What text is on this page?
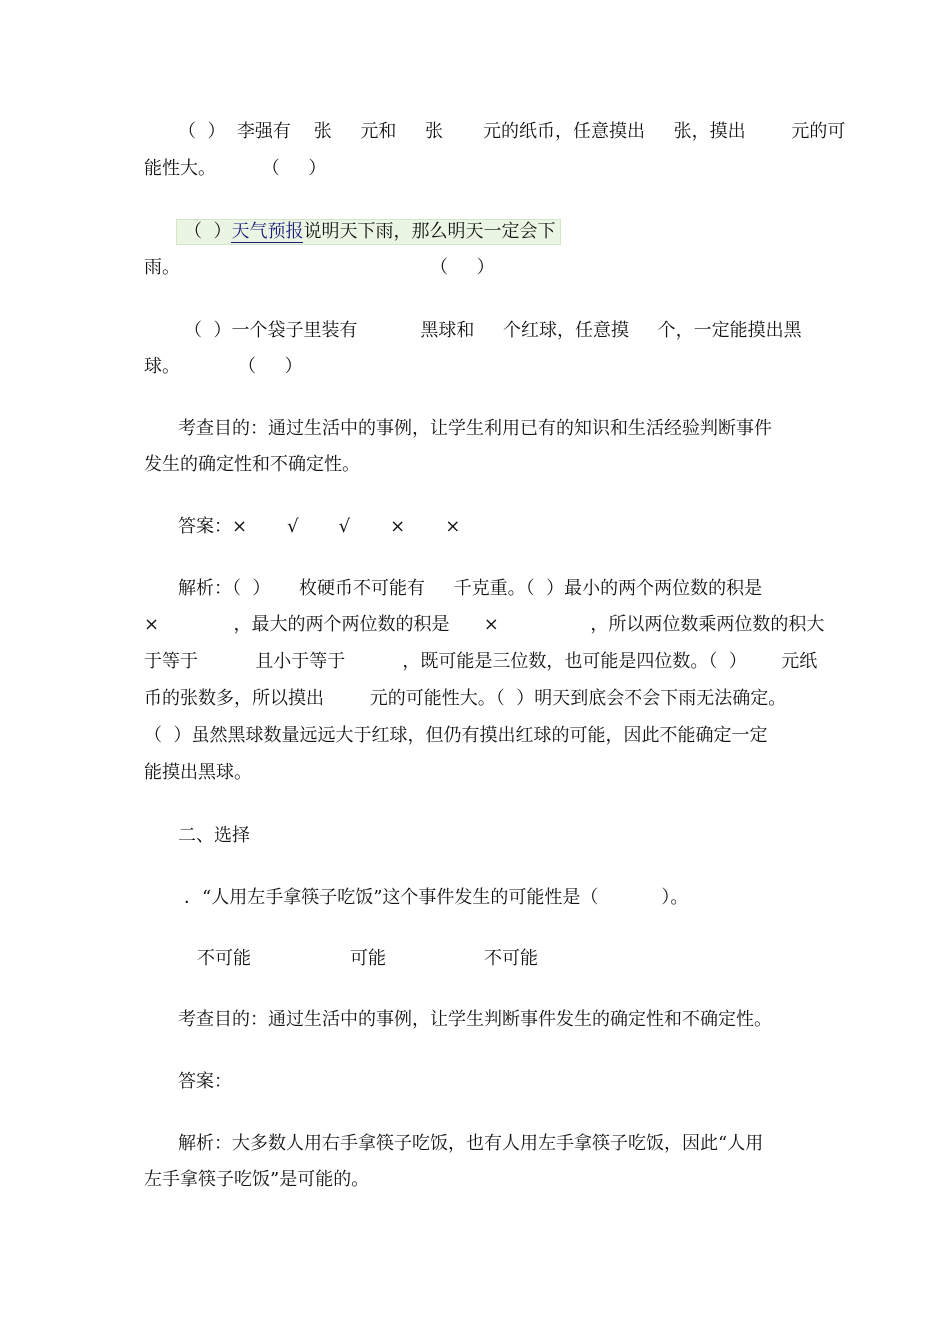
（  ）  李强有    张     元和     张       元的纸币，任意摸出     张，摸出        元的可
能性大。        （     ）
（  ）天气预报说明天下雨，那么明天一定会下
雨。	（     ）
（  ）一个袋子里装有           黑球和     个红球，任意摸     个，一定能摸出黑
球。	（     ）
考查目的：通过生活中的事例，让学生利用已有的知识和生活经验判断事件
发生的确定性和不确定性。
答案：×       √       √       ×       ×
解析：（  ）     枚硬币不可能有     千克重。（  ）最小的两个两位数的积是
×             ，最大的两个两位数的积是      ×                ，所以两位数乘两位数的积大
于等于          且小于等于          ，既可能是三位数，也可能是四位数。（  ）      元纸
币的张数多，所以摸出        元的可能性大。（  ）明天到底会不会下雨无法确定。
（  ）虽然黑球数量远远大于红球，但仍有摸出红球的可能，因此不能确定一定
能摸出黑球。
二、选择
．“人用左手拿筷子吃饭”这个事件发生的可能性是（           ）。
不可能	可能	不可能
考查目的：通过生活中的事例，让学生判断事件发生的确定性和不确定性。
答案：
解析：大多数人用右手拿筷子吃饭，也有人用左手拿筷子吃饭，因此“人用
左手拿筷子吃饭”是可能的。
